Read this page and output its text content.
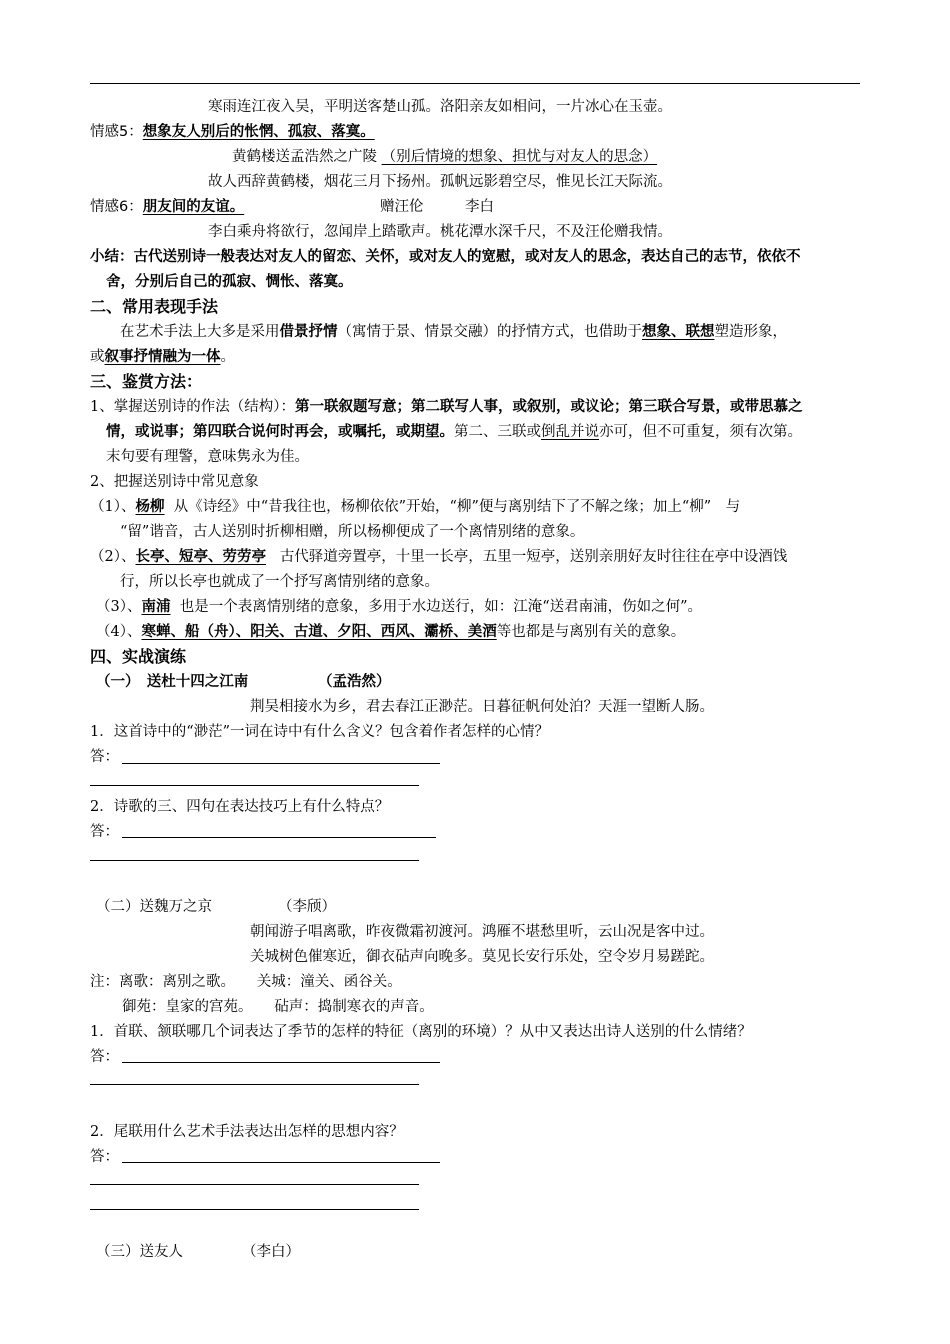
寒雨连江夜入吴，平明送客楚山孤。洛阳亲友如相问，一片冰心在玉壶。
情感5：想象友人别后的怅惘、孤寂、落寞。
黄鹤楼送孟浩然之广陵 （别后情境的想象、担忧与对友人的思念）
故人西辞黄鹤楼，烟花三月下扬州。孤帆远影碧空尽，惟见长江天际流。
情感6：朋友间的友谊。	赠汪伦	李白
李白乘舟将欲行，忽闻岸上踏歌声。桃花潭水深千尺，不及汪伦赠我情。
小结：古代送别诗一般表达对友人的留恋、关怀，或对友人的宽慰，或对友人的思念，表达自己的志节，依依不
舍，分别后自己的孤寂、惆怅、落寞。
二、常用表现手法
在艺术手法上大多是采用借景抒情（寓情于景、情景交融）的抒情方式，也借助于想象、联想塑造形象，
或叙事抒情融为一体。
三、鉴赏方法：
1、掌握送别诗的作法（结构）：第一联叙题写意；第二联写人事，或叙别，或议论；第三联合写景，或带思慕之
情，或说事；第四联合说何时再会，或嘱托，或期望。第二、三联或倒乱并说亦可，但不可重复，须有次第。
末句要有理警，意味隽永为佳。
2、把握送别诗中常见意象
（1）、杨柳 从《诗经》中“昔我往也，杨柳依依”开始，“柳”便与离别结下了不解之缘；加上“柳”　与
“留”谐音，古人送别时折柳相赠，所以杨柳便成了一个离情别绪的意象。
（2）、长亭、短亭、劳劳亭 古代驿道旁置亭，十里一长亭，五里一短亭，送别亲朋好友时往往在亭中设酒饯
行，所以长亭也就成了一个抒写离情别绪的意象。
（3）、南浦 也是一个表离情别绪的意象，多用于水边送行，如：江淹“送君南浦，伤如之何”。
（4）、寒蝉、船（舟）、阳关、古道、夕阳、西风、灞桥、美酒等也都是与离别有关的意象。
四、实战演练
（一）　送杜十四之江南	（孟浩然）
荆吴相接水为乡，君去春江正渺茫。日暮征帆何处泊？天涯一望断人肠。
1．这首诗中的“渺茫”一词在诗中有什么含义？包含着作者怎样的心情？
答：
2．诗歌的三、四句在表达技巧上有什么特点？
答：
（二）送魏万之京	（李颀）
朝闻游子唱离歌，昨夜微霜初渡河。鸿雁不堪愁里听，云山况是客中过。
关城树色催寒近，御衣砧声向晚多。莫见长安行乐处，空令岁月易蹉跎。
注：离歌：离别之歌。　　关城：潼关、函谷关。
御苑：皇家的宫苑。　　砧声：捣制寒衣的声音。
1．首联、颔联哪几个词表达了季节的怎样的特征（离别的环境）？从中又表达出诗人送别的什么情绪？
答：
2．尾联用什么艺术手法表达出怎样的思想内容？
答：
（三）送友人	（李白）
